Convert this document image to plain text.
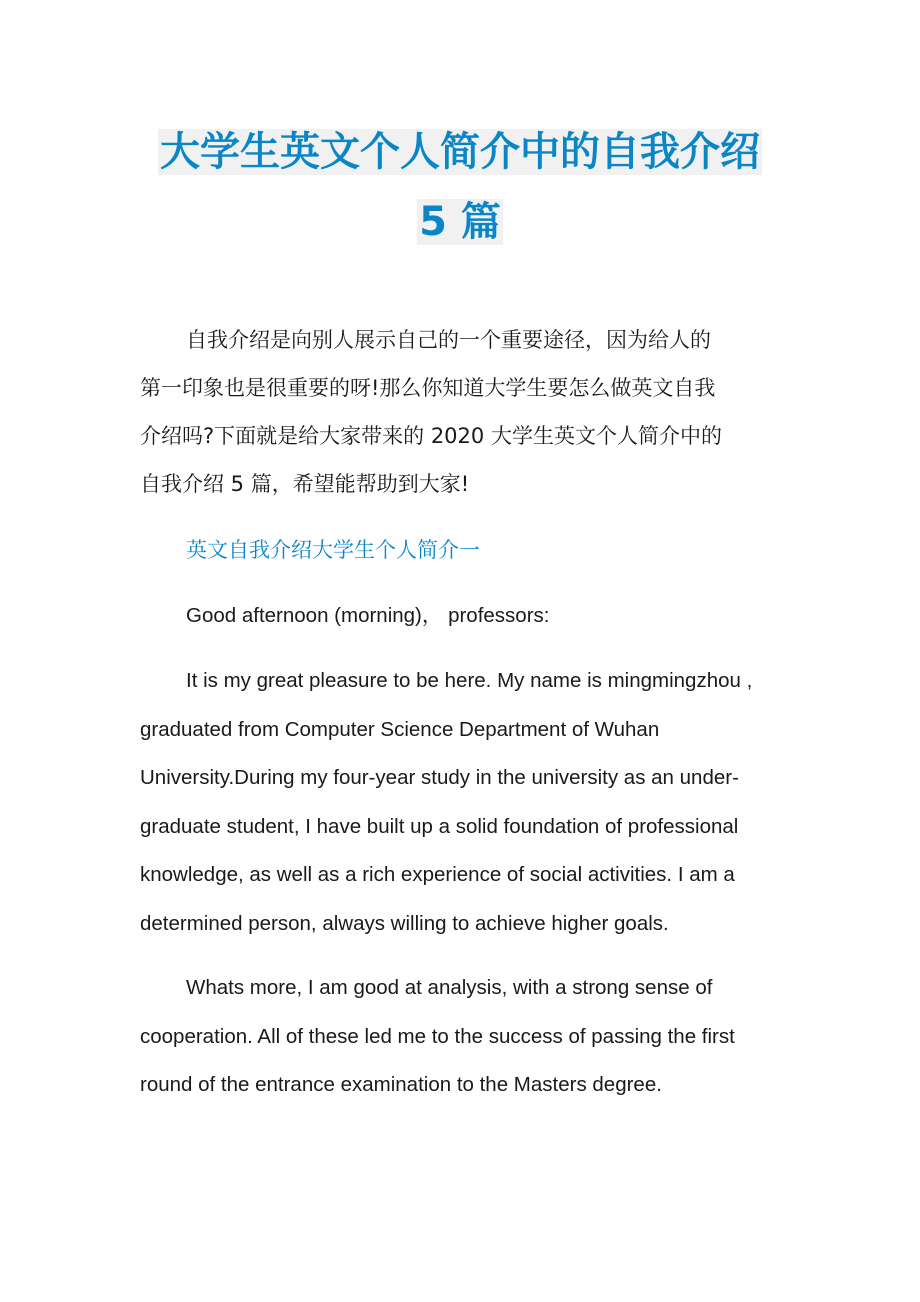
大学生英文个人简介中的自我介绍
5 篇
自我介绍是向别人展示自己的一个重要途径，因为给人的
第一印象也是很重要的呀!那么你知道大学生要怎么做英文自我
介绍吗?下面就是给大家带来的 2020 大学生英文个人简介中的
自我介绍 5 篇，希望能帮助到大家!
英文自我介绍大学生个人简介一
Good afternoon (morning)， professors:
It is my great pleasure to be here. My name is mingmingzhou ,
graduated from Computer Science Department of Wuhan
University.During my four-year study in the university as an under-
graduate student, I have built up a solid foundation of professional
knowledge, as well as a rich experience of social activities. I am a
determined person, always willing to achieve higher goals.
Whats more, I am good at analysis, with a strong sense of
cooperation. All of these led me to the success of passing the first
round of the entrance examination to the Masters degree.
